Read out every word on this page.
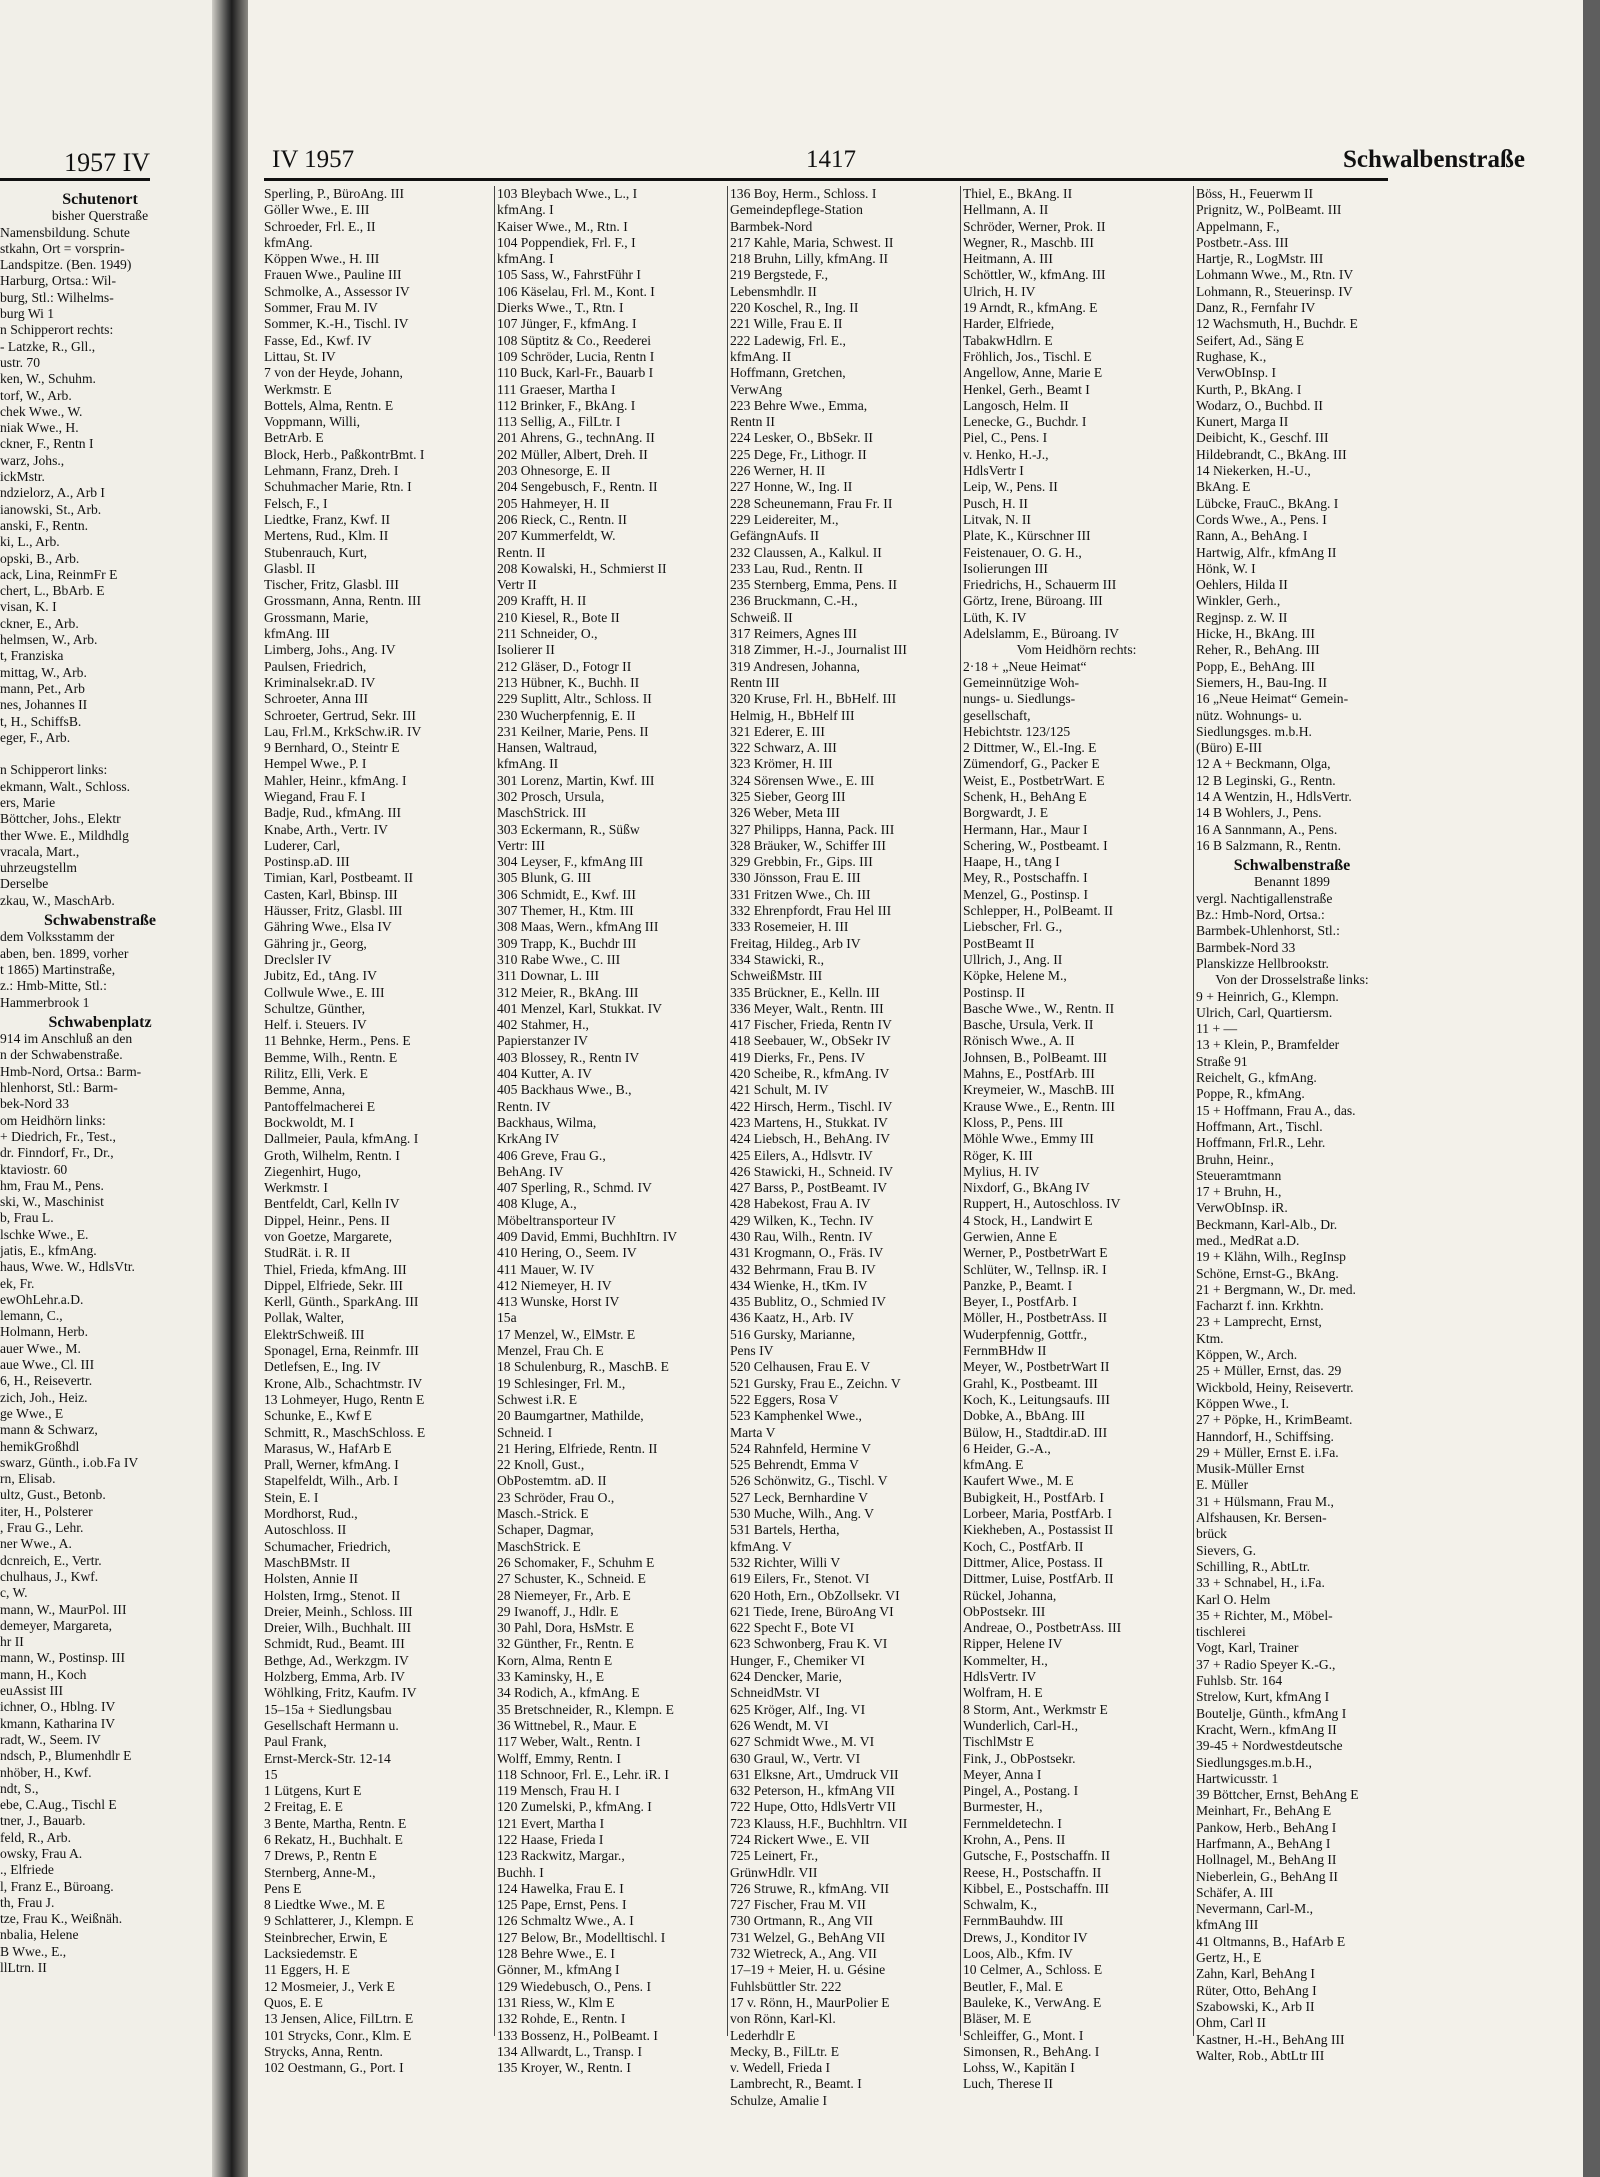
1957 IV
Schutenort
bisher Querstraße
Namensbildung. Schute
stkahn, Ort = vorsprin-
Landspitze. (Ben. 1949)
Harburg, Ortsa.: Wil-
burg, Stl.: Wilhelms-
burg Wi 1
n Schipperort rechts:
- Latzke, R., Gll.,
ustr. 70
ken, W., Schuhm.
torf, W., Arb.
chek Wwe., W.
niak Wwe., H.
ckner, F., Rentn I
warz, Johs.,
ickMstr.
ndzielorz, A., Arb I
ianowski, St., Arb.
anski, F., Rentn.
ki, L., Arb.
opski, B., Arb.
ack, Lina, ReinmFr E
chert, L., BbArb. E
visan, K. I
ckner, E., Arb.
helmsen, W., Arb.
t, Franziska
mittag, W., Arb.
mann, Pet., Arb
nes, Johannes II
t, H., SchiffsB.
eger, F., Arb.

n Schipperort links:
ekmann, Walt., Schloss.
ers, Marie
Böttcher, Johs., Elektr
ther Wwe. E., Mildhdlg
vracala, Mart.,
uhrzeugstellm
Derselbe
zkau, W., MaschArb.
Schwabenstraße
dem Volksstamm der
aben, ben. 1899, vorher
t 1865) Martinstraße,
z.: Hmb-Mitte, Stl.:
Hammerbrook 1
Schwabenplatz
914 im Anschluß an den
n der Schwabenstraße.
Hmb-Nord, Ortsa.: Barm-
hlenhorst, Stl.: Barm-
bek-Nord 33
om Heidhörn links:
+ Diedrich, Fr., Test.,
dr. Finndorf, Fr., Dr.,
ktaviostr. 60
hm, Frau M., Pens.
ski, W., Maschinist
b, Frau L.
lschke Wwe., E.
jatis, E., kfmAng.
haus, Wwe. W., HdlsVtr.
ek, Fr.
ewOhLehr.a.D.
lemann, C.,
Holmann, Herb.
auer Wwe., M.
aue Wwe., Cl. III
6, H., Reisevertr.
zich, Joh., Heiz.
ge Wwe., E
mann & Schwarz,
hemikGroßhdl
swarz, Günth., i.ob.Fa IV
rn, Elisab.
ultz, Gust., Betonb.
iter, H., Polsterer
, Frau G., Lehr.
ner Wwe., A.
dcnreich, E., Vertr.
chulhaus, J., Kwf.
c, W.
mann, W., MaurPol. III
demeyer, Margareta,
hr II
mann, W., Postinsp. III
mann, H., Koch
euAssist III
ichner, O., Hblng. IV
kmann, Katharina IV
radt, W., Seem. IV
ndsch, P., Blumenhdlr E
nhöber, H., Kwf.
ndt, S.,
ebe, C.Aug., Tischl E
tner, J., Bauarb.
feld, R., Arb.
owsky, Frau A.
., Elfriede
l, Franz E., Büroang.
th, Frau J.
tze, Frau K., Weißnäh.
nbalia, Helene
B Wwe., E.,
llLtrn. II
IV 1957	1417	Schwalbenstraße
Sperling, P., BüroAng. III
Göller Wwe., E. III
Schroeder, Frl. E., II
kfmAng.
Köppen Wwe., H. III
Frauen Wwe., Pauline III
Schmolke, A., Assessor IV
Sommer, Frau M. IV
Sommer, K.-H., Tischl. IV
Fasse, Ed., Kwf. IV
Littau, St. IV
7 von der Heyde, Johann,
Werkmstr. E
Bottels, Alma, Rentn. E
Voppmann, Willi,
BetrArb. E
Block, Herb., PaßkontrBmt. I
Lehmann, Franz, Dreh. I
Schuhmacher Marie, Rtn. I
Felsch, F., I
Liedtke, Franz, Kwf. II
Mertens, Rud., Klm. II
Stubenrauch, Kurt,
Glasbl. II
Tischer, Fritz, Glasbl. III
Grossmann, Anna, Rentn. III
Grossmann, Marie,
kfmAng. III
Limberg, Johs., Ang. IV
Paulsen, Friedrich,
Kriminalsekr.aD. IV
Schroeter, Anna III
Schroeter, Gertrud, Sekr. III
Lau, Frl.M., KrkSchw.iR. IV
9 Bernhard, O., Steintr E
Hempel Wwe., P. I
Mahler, Heinr., kfmAng. I
Wiegand, Frau F. I
Badje, Rud., kfmAng. III
Knabe, Arth., Vertr. IV
Luderer, Carl,
Postinsp.aD. III
Timian, Karl, Postbeamt. II
Casten, Karl, Bbinsp. III
Häusser, Fritz, Glasbl. III
Gähring Wwe., Elsa IV
Gähring jr., Georg,
Dreclsler IV
Jubitz, Ed., tAng. IV
Collwule Wwe., E. III
Schultze, Günther,
Helf. i. Steuers. IV
11 Behnke, Herm., Pens. E
Bemme, Wilh., Rentn. E
Rilitz, Elli, Verk. E
Bemme, Anna,
Pantoffelmacherei E
Bockwoldt, M. I
Dallmeier, Paula, kfmAng. I
Groth, Wilhelm, Rentn. I
Ziegenhirt, Hugo,
Werkmstr. I
Bentfeldt, Carl, Kelln IV
Dippel, Heinr., Pens. II
von Goetze, Margarete,
StudRät. i. R. II
Thiel, Frieda, kfmAng. III
Dippel, Elfriede, Sekr. III
Kerll, Günth., SparkAng. III
Pollak, Walter,
ElektrSchweiß. III
Sponagel, Erna, Reinmfr. III
Detlefsen, E., Ing. IV
Krone, Alb., Schachtmstr. IV
13 Lohmeyer, Hugo, Rentn E
Schunke, E., Kwf E
Schmitt, R., MaschSchloss. E
Marasus, W., HafArb E
Prall, Werner, kfmAng. I
Stapelfeldt, Wilh., Arb. I
Stein, E. I
Mordhorst, Rud.,
Autoschloss. II
Schumacher, Friedrich,
MaschBMstr. II
Holsten, Annie II
Holsten, Irmg., Stenot. II
Dreier, Meinh., Schloss. III
Dreier, Wilh., Buchhalt. III
Schmidt, Rud., Beamt. III
Bethge, Ad., Werkzgm. IV
Holzberg, Emma, Arb. IV
Wöhlking, Fritz, Kaufm. IV
15–15a + Siedlungsbau
Gesellschaft Hermann u.
Paul Frank,
Ernst-Merck-Str. 12-14
15
1 Lütgens, Kurt E
2 Freitag, E. E
3 Bente, Martha, Rentn. E
6 Rekatz, H., Buchhalt. E
7 Drews, P., Rentn E
Sternberg, Anne-M.,
Pens E
8 Liedtke Wwe., M. E
9 Schlatterer, J., Klempn. E
Steinbrecher, Erwin, E
Lacksiedemstr. E
11 Eggers, H. E
12 Mosmeier, J., Verk E
Quos, E. E
13 Jensen, Alice, FilLtrn. E
101 Strycks, Conr., Klm. E
Strycks, Anna, Rentn.
102 Oestmann, G., Port. I
103 Bleybach Wwe., L., I
kfmAng. I
Kaiser Wwe., M., Rtn. I
104 Poppendiek, Frl. F., I
kfmAng. I
105 Sass, W., FahrstFühr I
106 Käselau, Frl. M., Kont. I
Dierks Wwe., T., Rtn. I
107 Jünger, F., kfmAng. I
108 Süptitz & Co., Reederei
109 Schröder, Lucia, Rentn I
110 Buck, Karl-Fr., Bauarb I
111 Graeser, Martha I
112 Brinker, F., BkAng. I
113 Sellig, A., FilLtr. I
201 Ahrens, G., technAng. II
202 Müller, Albert, Dreh. II
203 Ohnesorge, E. II
204 Sengebusch, F., Rentn. II
205 Hahmeyer, H. II
206 Rieck, C., Rentn. II
207 Kummerfeldt, W.
Rentn. II
208 Kowalski, H., Schmierst II
Vertr II
209 Krafft, H. II
210 Kiesel, R., Bote II
211 Schneider, O.,
Isolierer II
212 Gläser, D., Fotogr II
213 Hübner, K., Buchh. II
229 Suplitt, Altr., Schloss. II
230 Wucherpfennig, E. II
231 Keilner, Marie, Pens. II
Hansen, Waltraud,
kfmAng. II
301 Lorenz, Martin, Kwf. III
302 Prosch, Ursula,
MaschStrick. III
303 Eckermann, R., Süßw
Vertr: III
304 Leyser, F., kfmAng III
305 Blunk, G. III
306 Schmidt, E., Kwf. III
307 Themer, H., Ktm. III
308 Maas, Wern., kfmAng III
309 Trapp, K., Buchdr III
310 Rabe Wwe., C. III
311 Downar, L. III
312 Meier, R., BkAng. III
401 Menzel, Karl, Stukkat. IV
402 Stahmer, H.,
Papierstanzer IV
403 Blossey, R., Rentn IV
404 Kutter, A. IV
405 Backhaus Wwe., B.,
Rentn. IV
Backhaus, Wilma,
KrkAng IV
406 Greve, Frau G.,
BehAng. IV
407 Sperling, R., Schmd. IV
408 Kluge, A.,
Möbeltransporteur IV
409 David, Emmi, BuchhItrn. IV
410 Hering, O., Seem. IV
411 Mauer, W. IV
412 Niemeyer, H. IV
413 Wunske, Horst IV
15a
17 Menzel, W., ElMstr. E
Menzel, Frau Ch. E
18 Schulenburg, R., MaschB. E
19 Schlesinger, Frl. M.,
Schwest i.R. E
20 Baumgartner, Mathilde,
Schneid. I
21 Hering, Elfriede, Rentn. II
22 Knoll, Gust.,
ObPostemtm. aD. II
23 Schröder, Frau O.,
Masch.-Strick. E
Schaper, Dagmar,
MaschStrick. E
26 Schomaker, F., Schuhm E
27 Schuster, K., Schneid. E
28 Niemeyer, Fr., Arb. E
29 Iwanoff, J., Hdlr. E
30 Pahl, Dora, HsMstr. E
32 Günther, Fr., Rentn. E
Korn, Alma, Rentn E
33 Kaminsky, H., E
34 Rodich, A., kfmAng. E
35 Bretschneider, R., Klempn. E
36 Wittnebel, R., Maur. E
117 Weber, Walt., Rentn. I
Wolff, Emmy, Rentn. I
118 Schnoor, Frl. E., Lehr. iR. I
119 Mensch, Frau H. I
120 Zumelski, P., kfmAng. I
121 Evert, Martha I
122 Haase, Frieda I
123 Rackwitz, Margar.,
Buchh. I
124 Hawelka, Frau E. I
125 Pape, Ernst, Pens. I
126 Schmaltz Wwe., A. I
127 Below, Br., Modelltischl. I
128 Behre Wwe., E. I
Gönner, M., kfmAng I
129 Wiedebusch, O., Pens. I
131 Riess, W., Klm E
132 Rohde, E., Rentn. I
133 Bossenz, H., PolBeamt. I
134 Allwardt, L., Transp. I
135 Kroyer, W., Rentn. I
136 Boy, Herm., Schloss. I
Gemeindepflege-Station
Barmbek-Nord
217 Kahle, Maria, Schwest. II
218 Bruhn, Lilly, kfmAng. II
219 Bergstede, F.,
Lebensmhdlr. II
220 Koschel, R., Ing. II
221 Wille, Frau E. II
222 Ladewig, Frl. E.,
kfmAng. II
Hoffmann, Gretchen,
VerwAng
223 Behre Wwe., Emma,
Rentn II
224 Lesker, O., BbSekr. II
225 Dege, Fr., Lithogr. II
226 Werner, H. II
227 Honne, W., Ing. II
228 Scheunemann, Frau Fr. II
229 Leidereiter, M.,
GefängnAufs. II
232 Claussen, A., Kalkul. II
233 Lau, Rud., Rentn. II
235 Sternberg, Emma, Pens. II
236 Bruckmann, C.-H.,
Schweiß. II
317 Reimers, Agnes III
318 Zimmer, H.-J., Journalist III
319 Andresen, Johanna,
Rentn III
320 Kruse, Frl. H., BbHelf. III
Helmig, H., BbHelf III
321 Ederer, E. III
322 Schwarz, A. III
323 Krömer, H. III
324 Sörensen Wwe., E. III
325 Sieber, Georg III
326 Weber, Meta III
327 Philipps, Hanna, Pack. III
328 Bräuker, W., Schiffer III
329 Grebbin, Fr., Gips. III
330 Jönsson, Frau E. III
331 Fritzen Wwe., Ch. III
332 Ehrenpfordt, Frau Hel III
333 Rosemeier, H. III
Freitag, Hildeg., Arb IV
334 Stawicki, R.,
SchweißMstr. III
335 Brückner, E., Kelln. III
336 Meyer, Walt., Rentn. III
417 Fischer, Frieda, Rentn IV
418 Seebauer, W., ObSekr IV
419 Dierks, Fr., Pens. IV
420 Scheibe, R., kfmAng. IV
421 Schult, M. IV
422 Hirsch, Herm., Tischl. IV
423 Martens, H., Stukkat. IV
424 Liebsch, H., BehAng. IV
425 Eilers, A., Hdlsvtr. IV
426 Stawicki, H., Schneid. IV
427 Barss, P., PostBeamt. IV
428 Habekost, Frau A. IV
429 Wilken, K., Techn. IV
430 Rau, Wilh., Rentn. IV
431 Krogmann, O., Fräs. IV
432 Behrmann, Frau B. IV
434 Wienke, H., tKm. IV
435 Bublitz, O., Schmied IV
436 Kaatz, H., Arb. IV
516 Gursky, Marianne,
Pens IV
520 Celhausen, Frau E. V
521 Gursky, Frau E., Zeichn. V
522 Eggers, Rosa V
523 Kamphenkel Wwe.,
Marta V
524 Rahnfeld, Hermine V
525 Behrendt, Emma V
526 Schönwitz, G., Tischl. V
527 Leck, Bernhardine V
530 Muche, Wilh., Ang. V
531 Bartels, Hertha,
kfmAng. V
532 Richter, Willi V
619 Eilers, Fr., Stenot. VI
620 Hoth, Ern., ObZollsekr. VI
621 Tiede, Irene, BüroAng VI
622 Specht F., Bote VI
623 Schwonberg, Frau K. VI
Hunger, F., Chemiker VI
624 Dencker, Marie,
SchneidMstr. VI
625 Kröger, Alf., Ing. VI
626 Wendt, M. VI
627 Schmidt Wwe., M. VI
630 Graul, W., Vertr. VI
631 Elksne, Art., Umdruck VII
632 Peterson, H., kfmAng VII
722 Hupe, Otto, HdlsVertr VII
723 Klauss, H.F., Buchhltrn. VII
724 Rickert Wwe., E. VII
725 Leinert, Fr.,
GrünwHdlr. VII
726 Struwe, R., kfmAng. VII
727 Fischer, Frau M. VII
730 Ortmann, R., Ang VII
731 Welzel, G., BehAng VII
732 Wietreck, A., Ang. VII
17–19 + Meier, H. u. Gésine
Fuhlsbüttler Str. 222
17 v. Rönn, H., MaurPolier E
von Rönn, Karl-Kl.
Lederhdlr E
Mecky, B., FilLtr. E
v. Wedell, Frieda I
Lambrecht, R., Beamt. I
Schulze, Amalie I
Thiel, E., BkAng. II
Hellmann, A. II
Schröder, Werner, Prok. II
Wegner, R., Maschb. III
Heitmann, A. III
Schöttler, W., kfmAng. III
Ulrich, H. IV
19 Arndt, R., kfmAng. E
Harder, Elfriede,
TabakwHdlrn. E
Fröhlich, Jos., Tischl. E
Angellow, Anne, Marie E
Henkel, Gerh., Beamt I
Langosch, Helm. II
Lenecke, G., Buchdr. I
Piel, C., Pens. I
v. Henko, H.-J.,
HdlsVertr I
Leip, W., Pens. II
Pusch, H. II
Litvak, N. II
Plate, K., Kürschner III
Feistenauer, O. G. H.,
Isolierungen III
Friedrichs, H., Schauerm III
Görtz, Irene, Büroang. III
Lüth, K. IV
Adelslamm, E., Büroang. IV
Vom Heidhörn rechts:
2·18 + „Neue Heimat“
Gemeinnützige Woh-
nungs- u. Siedlungs-
gesellschaft,
Hebichtstr. 123/125
2 Dittmer, W., El.-Ing. E
Zümendorf, G., Packer E
Weist, E., PostbetrWart. E
Schenk, H., BehAng E
Borgwardt, J. E
Hermann, Har., Maur I
Schering, W., Postbeamt. I
Haape, H., tAng I
Mey, R., Postschaffn. I
Menzel, G., Postinsp. I
Schlepper, H., PolBeamt. II
Liebscher, Frl. G.,
PostBeamt II
Ullrich, J., Ang. II
Köpke, Helene M.,
Postinsp. II
Basche Wwe., W., Rentn. II
Basche, Ursula, Verk. II
Rönisch Wwe., A. II
Johnsen, B., PolBeamt. III
Mahns, E., PostfArb. III
Kreymeier, W., MaschB. III
Krause Wwe., E., Rentn. III
Kloss, P., Pens. III
Möhle Wwe., Emmy III
Röger, K. III
Mylius, H. IV
Nixdorf, G., BkAng IV
Ruppert, H., Autoschloss. IV
4 Stock, H., Landwirt E
Gerwien, Anne E
Werner, P., PostbetrWart E
Schlüter, W., Tellnsp. iR. I
Panzke, P., Beamt. I
Beyer, I., PostfArb. I
Möller, H., PostbetrAss. II
Wuderpfennig, Gottfr.,
FernmBHdw II
Meyer, W., PostbetrWart II
Grahl, K., Postbeamt. III
Koch, K., Leitungsaufs. III
Dobke, A., BbAng. III
Bülow, H., Stadtdir.aD. III
6 Heider, G.-A.,
kfmAng. E
Kaufert Wwe., M. E
Bubigkeit, H., PostfArb. I
Lorbeer, Maria, PostfArb. I
Kiekheben, A., Postassist II
Koch, C., PostfArb. II
Dittmer, Alice, Postass. II
Dittmer, Luise, PostfArb. II
Rückel, Johanna,
ObPostsekr. III
Andreae, O., PostbetrAss. III
Ripper, Helene IV
Kommelter, H.,
HdlsVertr. IV
Wolfram, H. E
8 Storm, Ant., Werkmstr E
Wunderlich, Carl-H.,
TischlMstr E
Fink, J., ObPostsekr.
Meyer, Anna I
Pingel, A., Postang. I
Burmester, H.,
Fernmeldetechn. I
Krohn, A., Pens. II
Gutsche, F., Postschaffn. II
Reese, H., Postschaffn. II
Kibbel, E., Postschaffn. III
Schwalm, K.,
FernmBauhdw. III
Drews, J., Konditor IV
Loos, Alb., Kfm. IV
10 Celmer, A., Schloss. E
Beutler, F., Mal. E
Bauleke, K., VerwAng. E
Bläser, M. E
Schleiffer, G., Mont. I
Simonsen, R., BehAng. I
Lohss, W., Kapitän I
Luch, Therese II
Böss, H., Feuerwm II
Prignitz, W., PolBeamt. III
Appelmann, F.,
Postbetr.-Ass. III
Hartje, R., LogMstr. III
Lohmann Wwe., M., Rtn. IV
Lohmann, R., Steuerinsp. IV
Danz, R., Fernfahr IV
12 Wachsmuth, H., Buchdr. E
Seifert, Ad., Säng E
Rughase, K.,
VerwObInsp. I
Kurth, P., BkAng. I
Wodarz, O., Buchbd. II
Kunert, Marga II
Deibicht, K., Geschf. III
Hildebrandt, C., BkAng. III
14 Niekerken, H.-U.,
BkAng. E
Lübcke, FrauC., BkAng. I
Cords Wwe., A., Pens. I
Rann, A., BehAng. I
Hartwig, Alfr., kfmAng II
Hönk, W. I
Oehlers, Hilda II
Winkler, Gerh.,
Regjnsp. z. W. II
Hicke, H., BkAng. III
Reher, R., BehAng. III
Popp, E., BehAng. III
Siemers, H., Bau-Ing. II
16 „Neue Heimat“ Gemein-
nütz. Wohnungs- u.
Siedlungsges. m.b.H.
(Büro) E-III
12 A + Beckmann, Olga,
12 B Leginski, G., Rentn.
14 A Wentzin, H., HdlsVertr.
14 B Wohlers, J., Pens.
16 A Sannmann, A., Pens.
16 B Salzmann, R., Rentn.
Schwalbenstraße
Benannt 1899
vergl. Nachtigallenstraße
Bz.: Hmb-Nord, Ortsa.:
Barmbek-Uhlenhorst, Stl.:
Barmbek-Nord 33
Planskizze Hellbrookstr.
Von der Drosselstraße links:
9 + Heinrich, G., Klempn.
Ulrich, Carl, Quartiersm.
11 + —
13 + Klein, P., Bramfelder
Straße 91
Reichelt, G., kfmAng.
Poppe, R., kfmAng.
15 + Hoffmann, Frau A., das.
Hoffmann, Art., Tischl.
Hoffmann, Frl.R., Lehr.
Bruhn, Heinr.,
Steueramtmann
17 + Bruhn, H.,
VerwObInsp. iR.
Beckmann, Karl-Alb., Dr.
med., MedRat a.D.
19 + Klähn, Wilh., RegInsp
Schöne, Ernst-G., BkAng.
21 + Bergmann, W., Dr. med.
Facharzt f. inn. Krkhtn.
23 + Lamprecht, Ernst,
Ktm.
Köppen, W., Arch.
25 + Müller, Ernst, das. 29
Wickbold, Heiny, Reisevertr.
Köppen Wwe., I.
27 + Pöpke, H., KrimBeamt.
Hanndorf, H., Schiffsing.
29 + Müller, Ernst E. i.Fa.
Musik-Müller Ernst
E. Müller
31 + Hülsmann, Frau M.,
Alfshausen, Kr. Bersen-
brück
Sievers, G.
Schilling, R., AbtLtr.
33 + Schnabel, H., i.Fa.
Karl O. Helm
35 + Richter, M., Möbel-
tischlerei
Vogt, Karl, Trainer
37 + Radio Speyer K.-G.,
Fuhlsb. Str. 164
Strelow, Kurt, kfmAng I
Boutelje, Günth., kfmAng I
Kracht, Wern., kfmAng II
39-45 + Nordwestdeutsche
Siedlungsges.m.b.H.,
Hartwicusstr. 1
39 Böttcher, Ernst, BehAng E
Meinhart, Fr., BehAng E
Pankow, Herb., BehAng I
Harfmann, A., BehAng I
Hollnagel, M., BehAng II
Nieberlein, G., BehAng II
Schäfer, A. III
Nevermann, Carl-M.,
kfmAng III
41 Oltmanns, B., HafArb E
Gertz, H., E
Zahn, Karl, BehAng I
Rüter, Otto, BehAng I
Szabowski, K., Arb II
Ohm, Carl II
Kastner, H.-H., BehAng III
Walter, Rob., AbtLtr III
